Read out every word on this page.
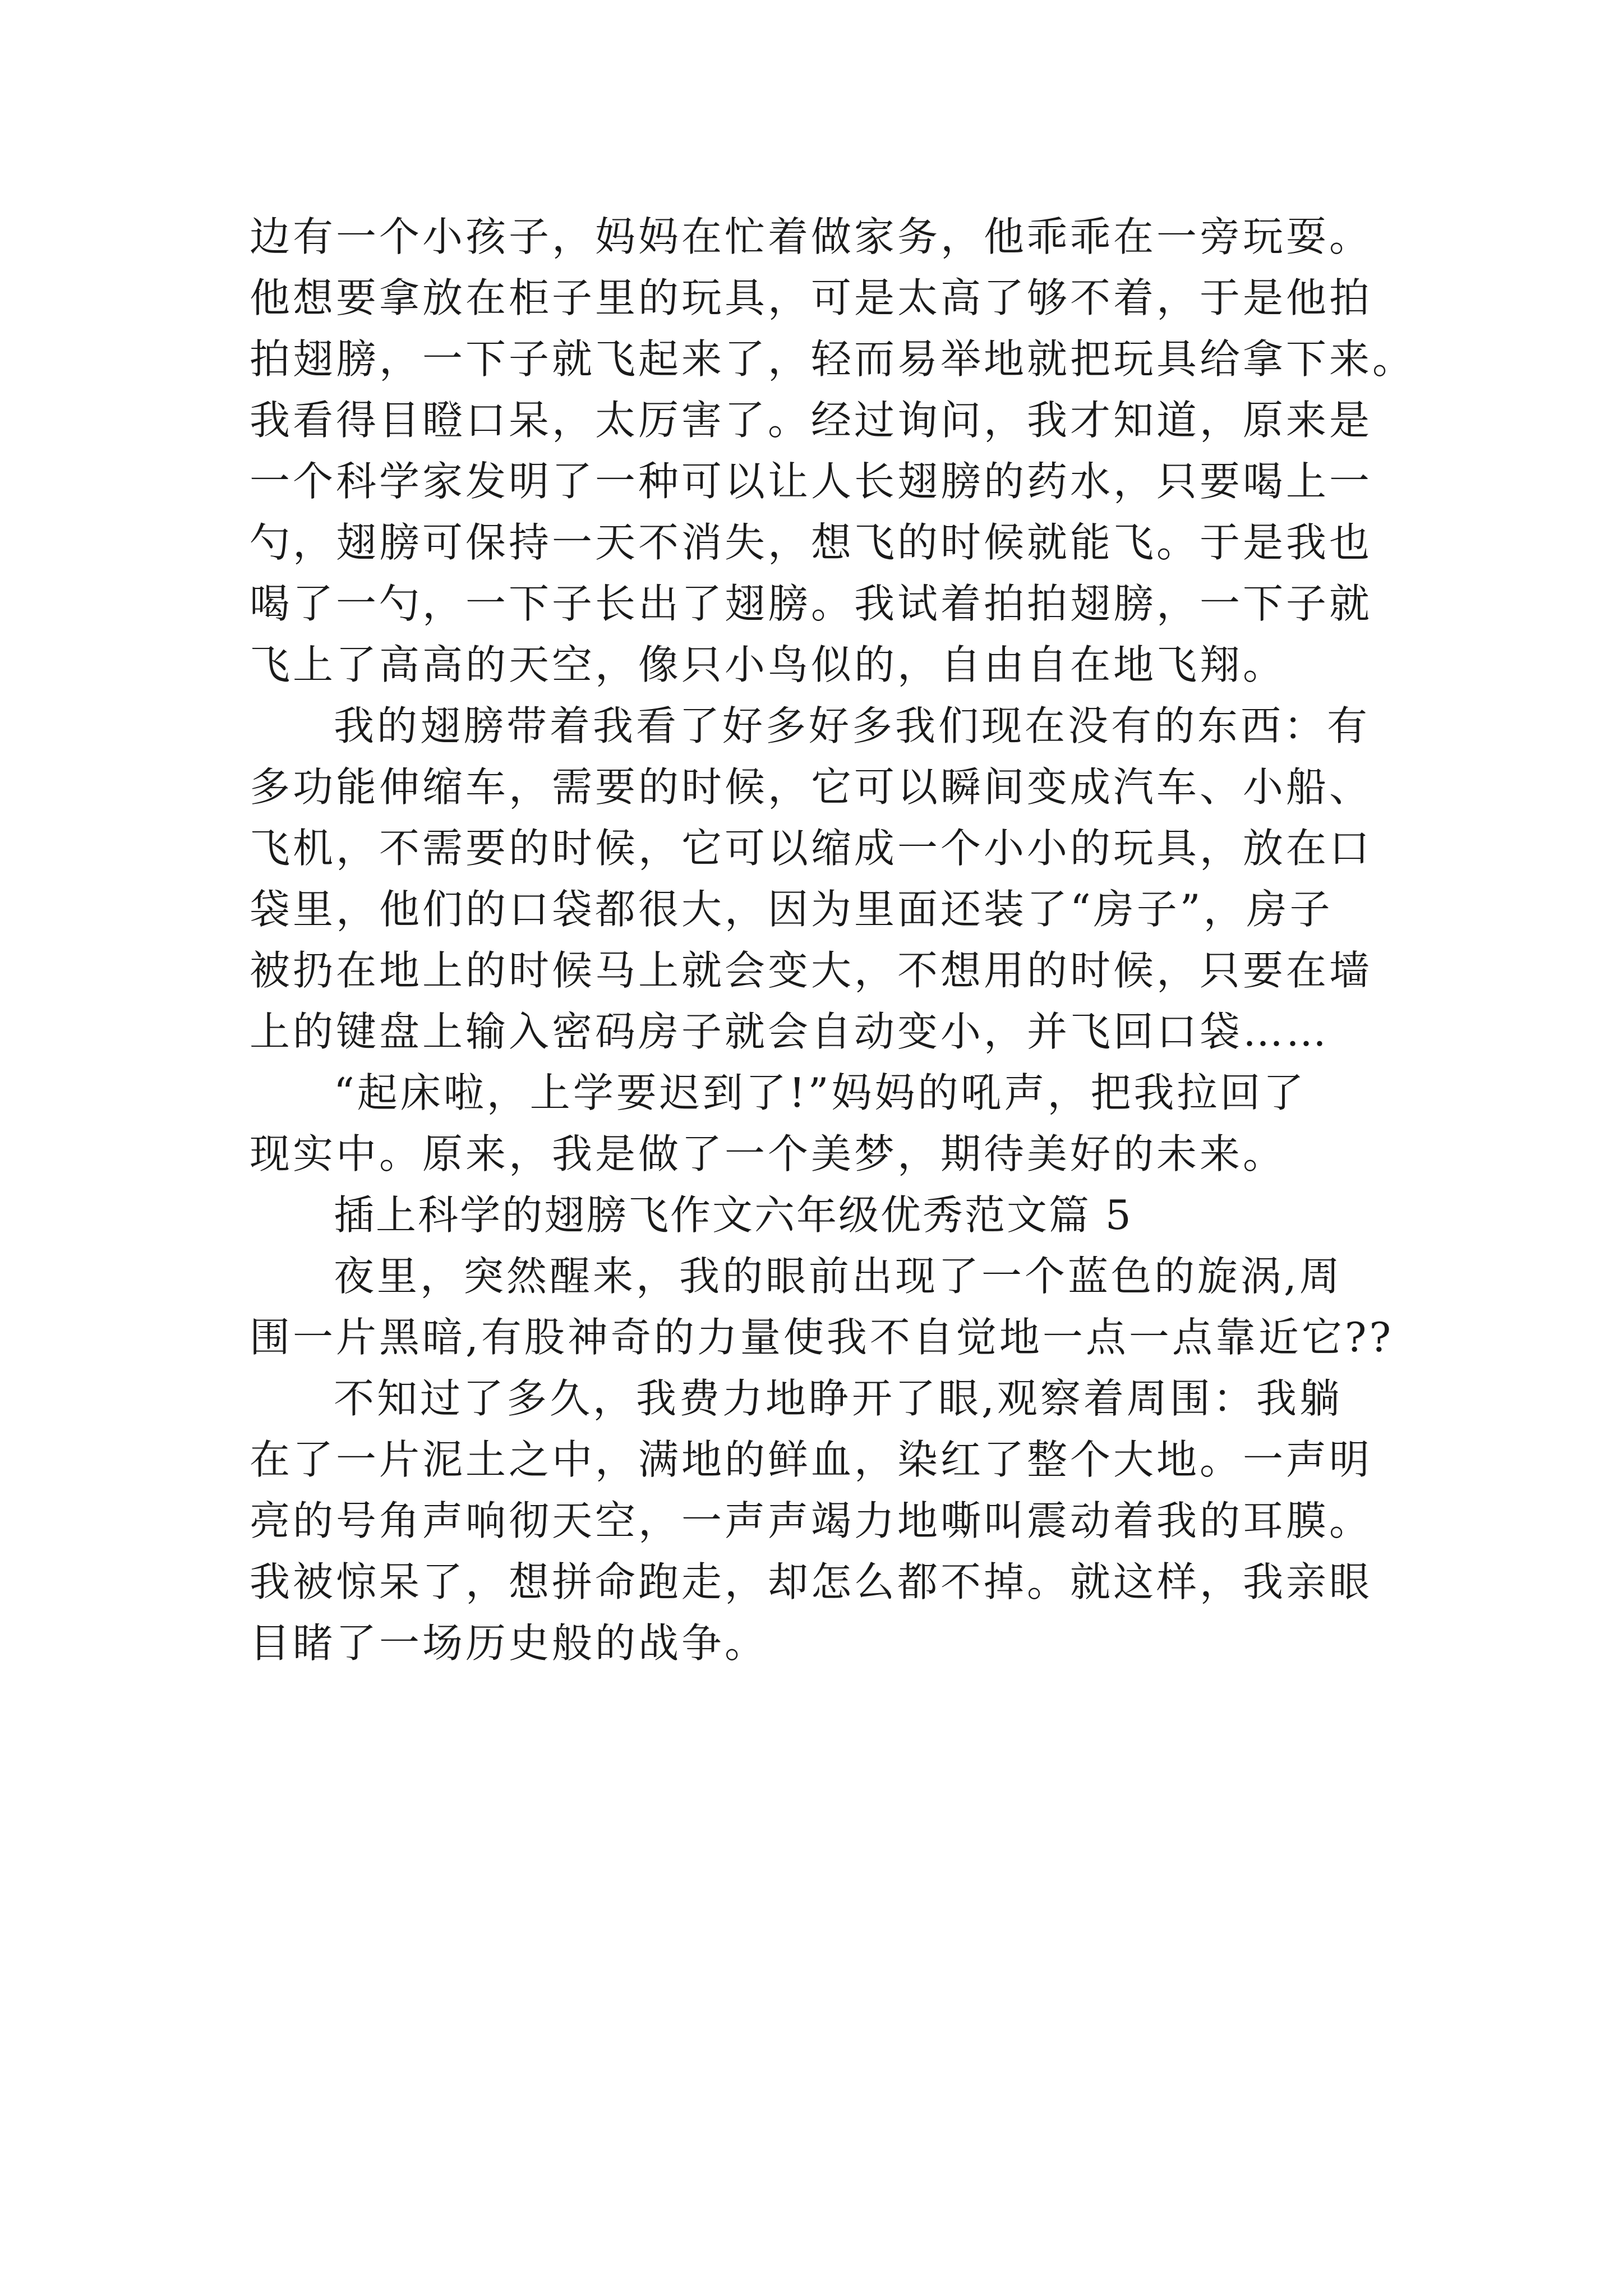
边有一个小孩子，妈妈在忙着做家务，他乖乖在一旁玩耍。
他想要拿放在柜子里的玩具，可是太高了够不着，于是他拍
拍翅膀，一下子就飞起来了，轻而易举地就把玩具给拿下来。
我看得目瞪口呆，太厉害了。经过询问，我才知道，原来是
一个科学家发明了一种可以让人长翅膀的药水，只要喝上一
勺，翅膀可保持一天不消失，想飞的时候就能飞。于是我也
喝了一勺，一下子长出了翅膀。我试着拍拍翅膀，一下子就
飞上了高高的天空，像只小鸟似的，自由自在地飞翔。
我的翅膀带着我看了好多好多我们现在没有的东西：有
多功能伸缩车，需要的时候，它可以瞬间变成汽车、小船、
飞机，不需要的时候，它可以缩成一个小小的玩具，放在口
袋里，他们的口袋都很大，因为里面还装了“房子”，房子
被扔在地上的时候马上就会变大，不想用的时候，只要在墙
上的键盘上输入密码房子就会自动变小，并飞回口袋……
“起床啦，上学要迟到了!”妈妈的吼声，把我拉回了
现实中。原来，我是做了一个美梦，期待美好的未来。
插上科学的翅膀飞作文六年级优秀范文篇 5
夜里，突然醒来，我的眼前出现了一个蓝色的旋涡,周
围一片黑暗,有股神奇的力量使我不自觉地一点一点靠近它??
不知过了多久，我费力地睁开了眼,观察着周围：我躺
在了一片泥土之中，满地的鲜血，染红了整个大地。一声明
亮的号角声响彻天空，一声声竭力地嘶叫震动着我的耳膜。
我被惊呆了，想拼命跑走，却怎么都不掉。就这样，我亲眼
目睹了一场历史般的战争。
